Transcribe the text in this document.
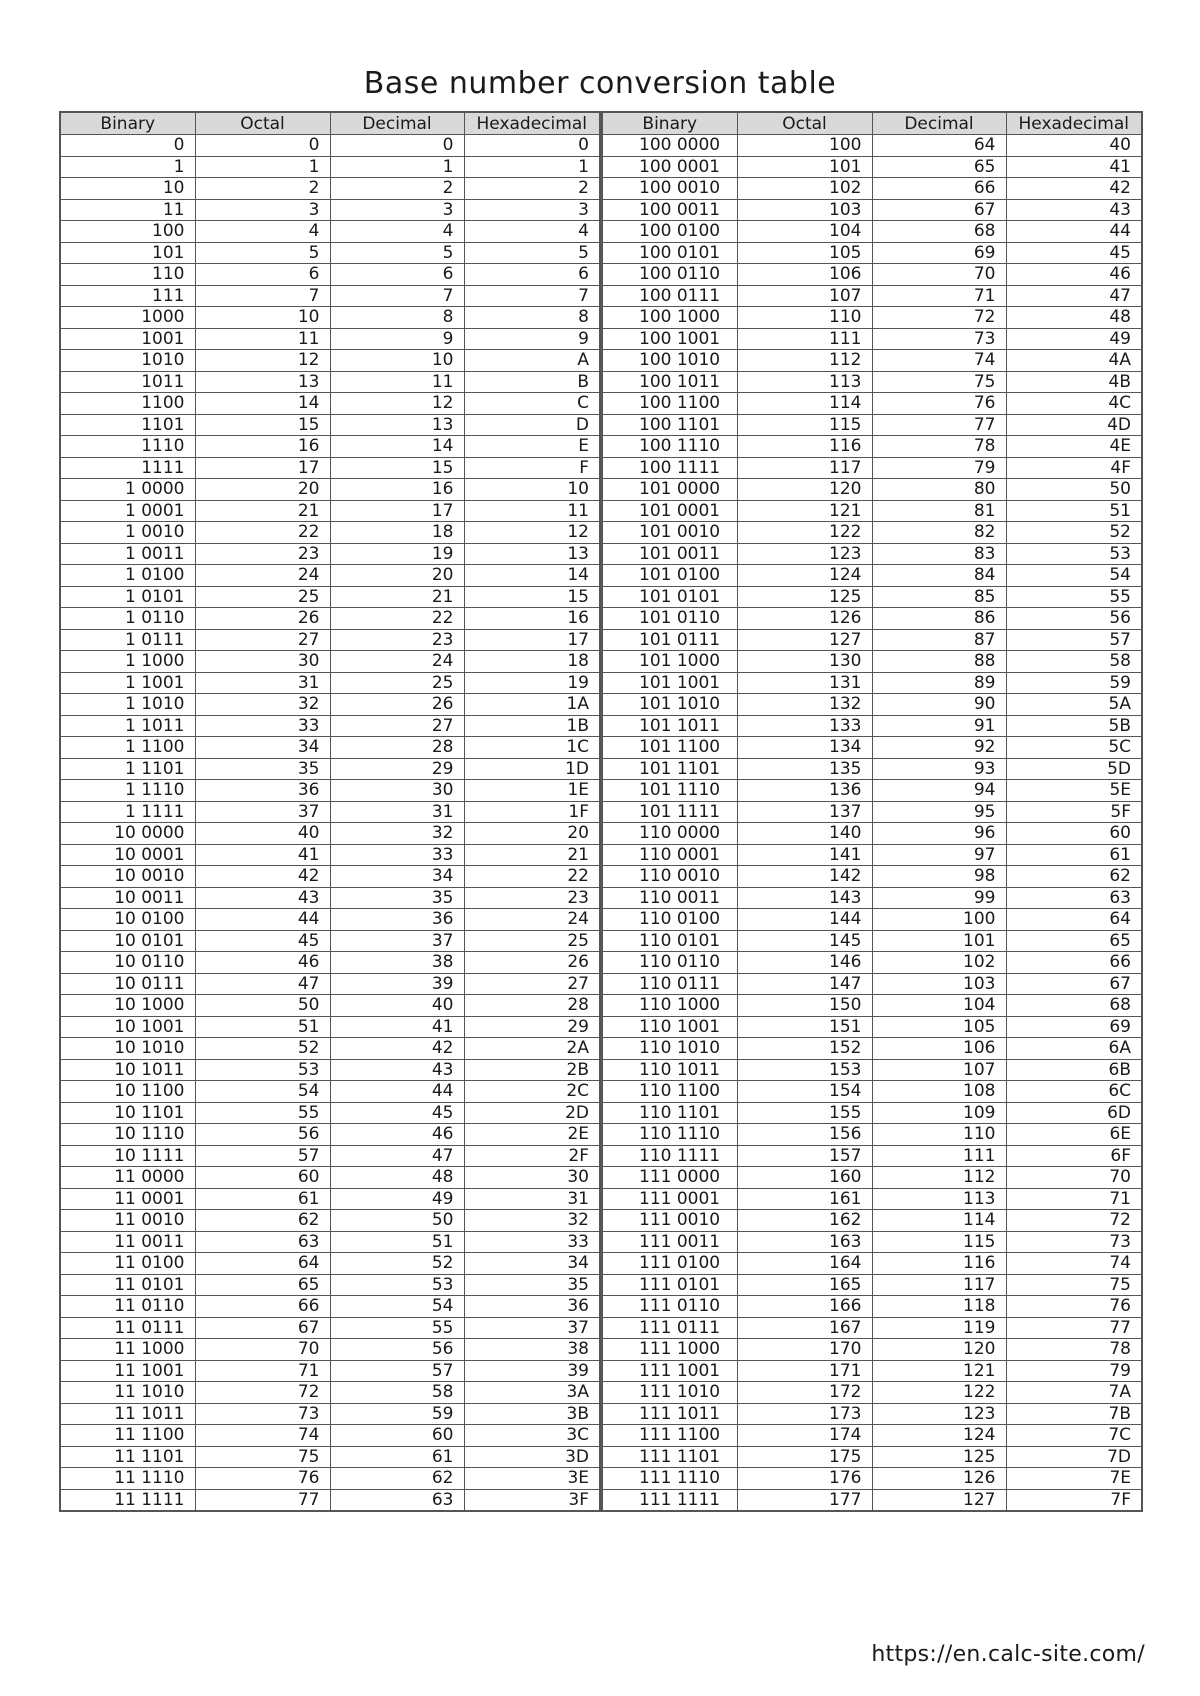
Base number conversion table
Binary	Octal	Decimal	Hexadecimal
0	0	0	0
1	1	1	1
10	2	2	2
11	3	3	3
100	4	4	4
101	5	5	5
110	6	6	6
111	7	7	7
1000	10	8	8
1001	11	9	9
1010	12	10	A
1011	13	11	B
1100	14	12	C
1101	15	13	D
1110	16	14	E
1111	17	15	F
1 0000	20	16	10
1 0001	21	17	11
1 0010	22	18	12
1 0011	23	19	13
1 0100	24	20	14
1 0101	25	21	15
1 0110	26	22	16
1 0111	27	23	17
1 1000	30	24	18
1 1001	31	25	19
1 1010	32	26	1A
1 1011	33	27	1B
1 1100	34	28	1C
1 1101	35	29	1D
1 1110	36	30	1E
1 1111	37	31	1F
10 0000	40	32	20
10 0001	41	33	21
10 0010	42	34	22
10 0011	43	35	23
10 0100	44	36	24
10 0101	45	37	25
10 0110	46	38	26
10 0111	47	39	27
10 1000	50	40	28
10 1001	51	41	29
10 1010	52	42	2A
10 1011	53	43	2B
10 1100	54	44	2C
10 1101	55	45	2D
10 1110	56	46	2E
10 1111	57	47	2F
11 0000	60	48	30
11 0001	61	49	31
11 0010	62	50	32
11 0011	63	51	33
11 0100	64	52	34
11 0101	65	53	35
11 0110	66	54	36
11 0111	67	55	37
11 1000	70	56	38
11 1001	71	57	39
11 1010	72	58	3A
11 1011	73	59	3B
11 1100	74	60	3C
11 1101	75	61	3D
11 1110	76	62	3E
11 1111	77	63	3F
Binary	Octal	Decimal	Hexadecimal
100 0000	100	64	40
100 0001	101	65	41
100 0010	102	66	42
100 0011	103	67	43
100 0100	104	68	44
100 0101	105	69	45
100 0110	106	70	46
100 0111	107	71	47
100 1000	110	72	48
100 1001	111	73	49
100 1010	112	74	4A
100 1011	113	75	4B
100 1100	114	76	4C
100 1101	115	77	4D
100 1110	116	78	4E
100 1111	117	79	4F
101 0000	120	80	50
101 0001	121	81	51
101 0010	122	82	52
101 0011	123	83	53
101 0100	124	84	54
101 0101	125	85	55
101 0110	126	86	56
101 0111	127	87	57
101 1000	130	88	58
101 1001	131	89	59
101 1010	132	90	5A
101 1011	133	91	5B
101 1100	134	92	5C
101 1101	135	93	5D
101 1110	136	94	5E
101 1111	137	95	5F
110 0000	140	96	60
110 0001	141	97	61
110 0010	142	98	62
110 0011	143	99	63
110 0100	144	100	64
110 0101	145	101	65
110 0110	146	102	66
110 0111	147	103	67
110 1000	150	104	68
110 1001	151	105	69
110 1010	152	106	6A
110 1011	153	107	6B
110 1100	154	108	6C
110 1101	155	109	6D
110 1110	156	110	6E
110 1111	157	111	6F
111 0000	160	112	70
111 0001	161	113	71
111 0010	162	114	72
111 0011	163	115	73
111 0100	164	116	74
111 0101	165	117	75
111 0110	166	118	76
111 0111	167	119	77
111 1000	170	120	78
111 1001	171	121	79
111 1010	172	122	7A
111 1011	173	123	7B
111 1100	174	124	7C
111 1101	175	125	7D
111 1110	176	126	7E
111 1111	177	127	7F
https://en.calc-site.com/
